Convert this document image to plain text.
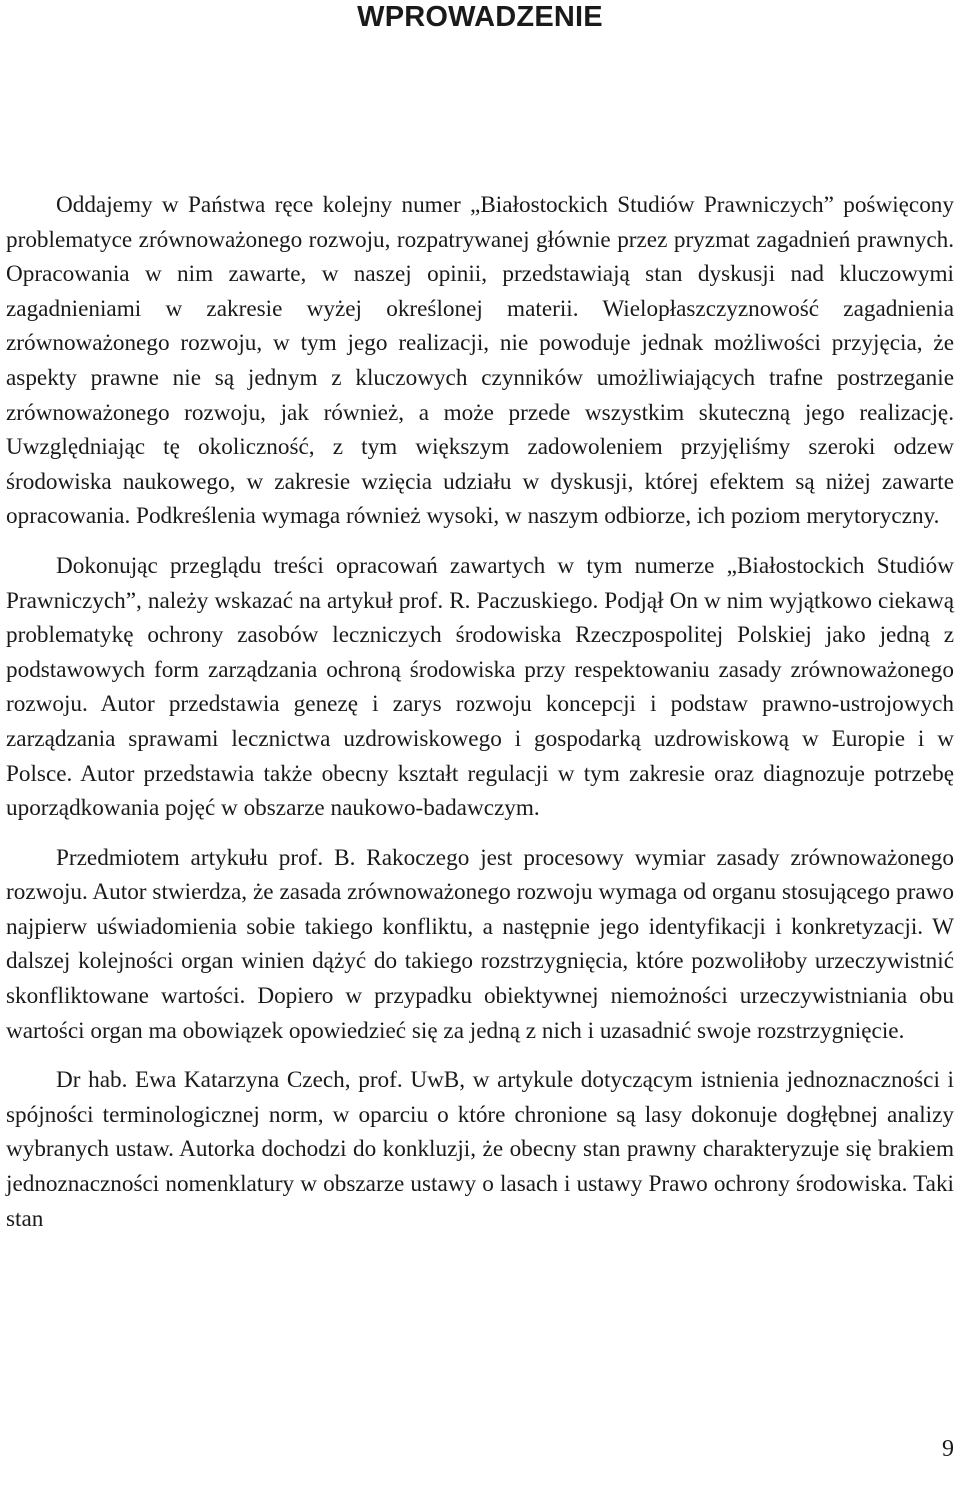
WPROWADZENIE

Oddajemy w Państwa ręce kolejny numer „Białostockich Studiów Prawniczych” poświęcony problematyce zrównoważonego rozwoju, rozpatrywanej głównie przez pryzmat zagadnień prawnych. Opracowania w nim zawarte, w naszej opinii, przedstawiają stan dyskusji nad kluczowymi zagadnieniami w zakresie wyżej określonej materii. Wielopłaszczyznowość zagadnienia zrównoważonego rozwoju, w tym jego realizacji, nie powoduje jednak możliwości przyjęcia, że aspekty prawne nie są jednym z kluczowych czynników umożliwiających trafne postrzeganie zrównoważonego rozwoju, jak również, a może przede wszystkim skuteczną jego realizację. Uwzględniając tę okoliczność, z tym większym zadowoleniem przyjęliśmy szeroki odzew środowiska naukowego, w zakresie wzięcia udziału w dyskusji, której efektem są niżej zawarte opracowania. Podkreślenia wymaga również wysoki, w naszym odbiorze, ich poziom merytoryczny.

Dokonując przeglądu treści opracowań zawartych w tym numerze „Białostockich Studiów Prawniczych”, należy wskazać na artykuł prof. R. Paczuskiego. Podjął On w nim wyjątkowo ciekawą problematykę ochrony zasobów leczniczych środowiska Rzeczpospolitej Polskiej jako jedną z podstawowych form zarządzania ochroną środowiska przy respektowaniu zasady zrównoważonego rozwoju. Autor przedstawia genezę i zarys rozwoju koncepcji i podstaw prawno-ustrojowych zarządzania sprawami lecznictwa uzdrowiskowego i gospodarką uzdrowiskową w Europie i w Polsce. Autor przedstawia także obecny kształt regulacji w tym zakresie oraz diagnozuje potrzebę uporządkowania pojęć w obszarze naukowo-badawczym.

Przedmiotem artykułu prof. B. Rakoczego jest procesowy wymiar zasady zrównoważonego rozwoju. Autor stwierdza, że zasada zrównoważonego rozwoju wymaga od organu stosującego prawo najpierw uświadomienia sobie takiego konfliktu, a następnie jego identyfikacji i konkretyzacji. W dalszej kolejności organ winien dążyć do takiego rozstrzygnięcia, które pozwoliłoby urzeczywistnić skonfliktowane wartości. Dopiero w przypadku obiektywnej niemożności urzeczywistniania obu wartości organ ma obowiązek opowiedzieć się za jedną z nich i uzasadnić swoje rozstrzygnięcie.

Dr hab. Ewa Katarzyna Czech, prof. UwB, w artykule dotyczącym istnienia jednoznaczności i spójności terminologicznej norm, w oparciu o które chronione są lasy dokonuje dogłębnej analizy wybranych ustaw. Autorka dochodzi do konkluzji, że obecny stan prawny charakteryzuje się brakiem jednoznaczności nomenklatury w obszarze ustawy o lasach i ustawy Prawo ochrony środowiska. Taki stan

9
